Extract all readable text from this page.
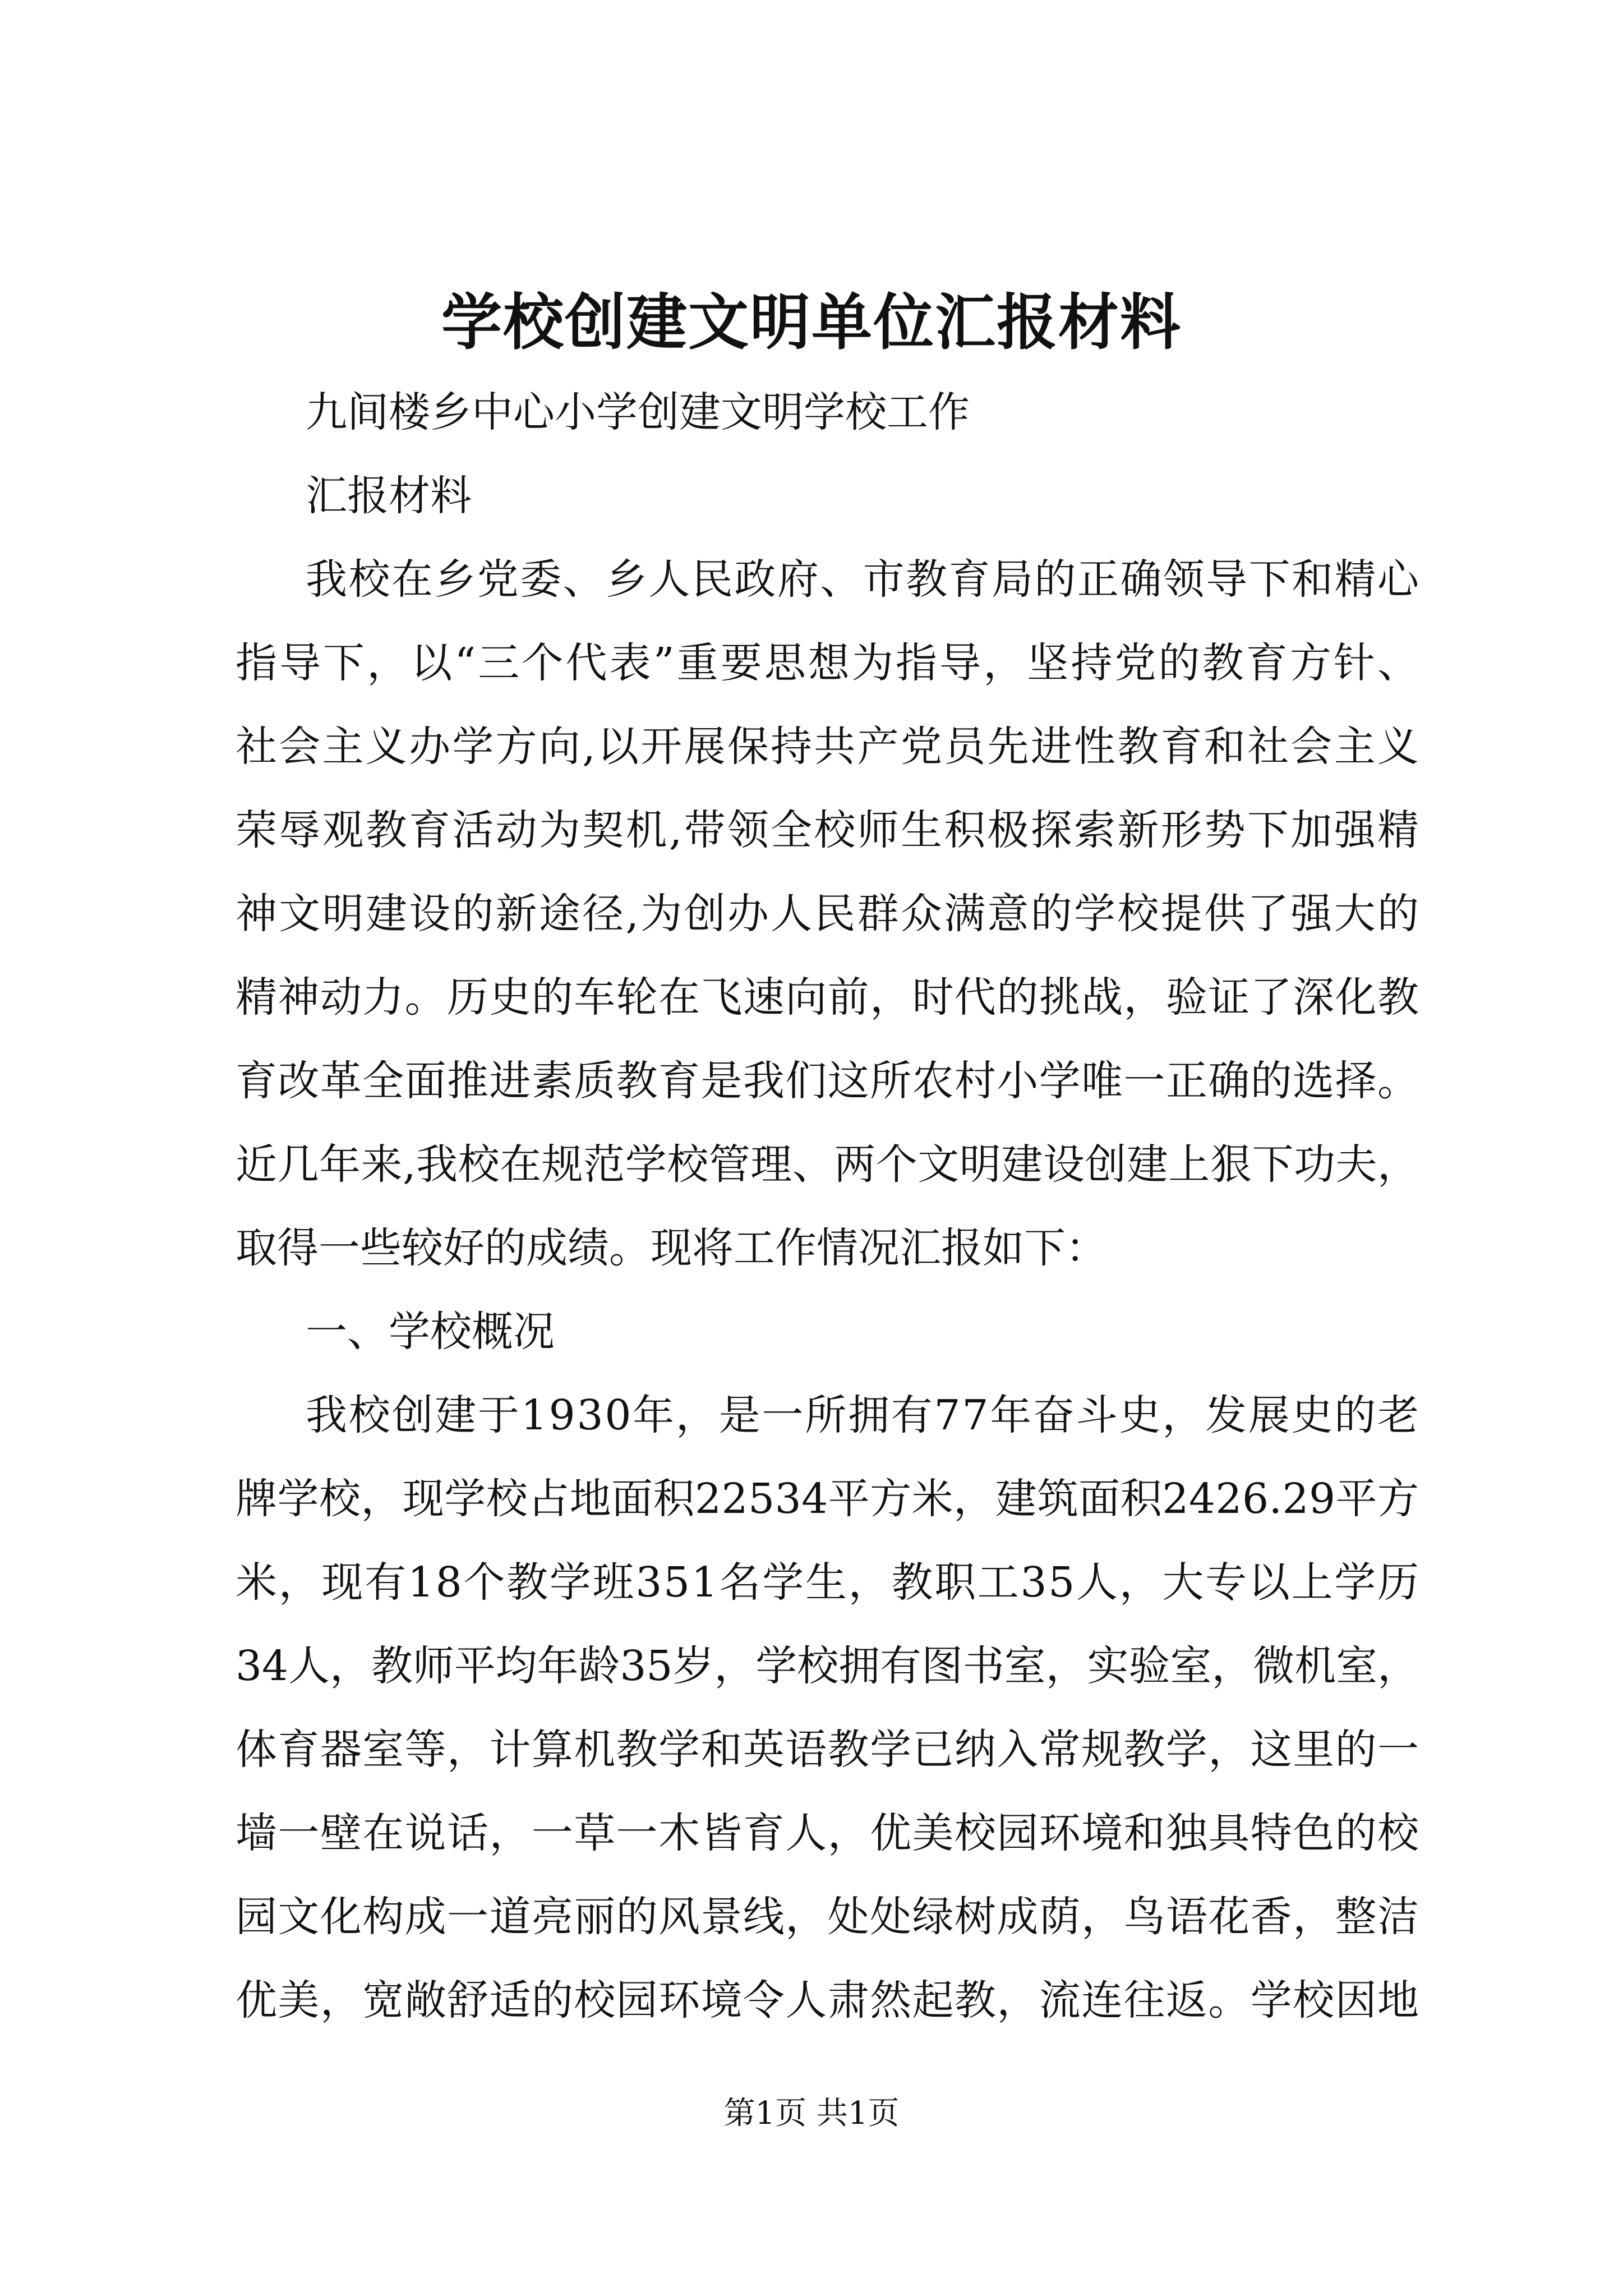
学校创建文明单位汇报材料
九间楼乡中心小学创建文明学校工作
汇报材料
我校在乡党委、乡人民政府、市教育局的正确领导下和精心
指导下，以“三个代表”重要思想为指导，坚持党的教育方针、
社会主义办学方向,以开展保持共产党员先进性教育和社会主义
荣辱观教育活动为契机,带领全校师生积极探索新形势下加强精
神文明建设的新途径,为创办人民群众满意的学校提供了强大的
精神动力。历史的车轮在飞速向前，时代的挑战，验证了深化教
育改革全面推进素质教育是我们这所农村小学唯一正确的选择。
近几年来,我校在规范学校管理、两个文明建设创建上狠下功夫，
取得一些较好的成绩。现将工作情况汇报如下：
一、学校概况
我校创建于1930年，是一所拥有77年奋斗史，发展史的老
牌学校，现学校占地面积22534平方米，建筑面积2426.29平方
米，现有18个教学班351名学生，教职工35人，大专以上学历
34人，教师平均年龄35岁，学校拥有图书室，实验室，微机室，
体育器室等，计算机教学和英语教学已纳入常规教学，这里的一
墙一壁在说话，一草一木皆育人，优美校园环境和独具特色的校
园文化构成一道亮丽的风景线，处处绿树成荫，鸟语花香，整洁
优美，宽敞舒适的校园环境令人肃然起教，流连往返。学校因地
第1页 共1页
